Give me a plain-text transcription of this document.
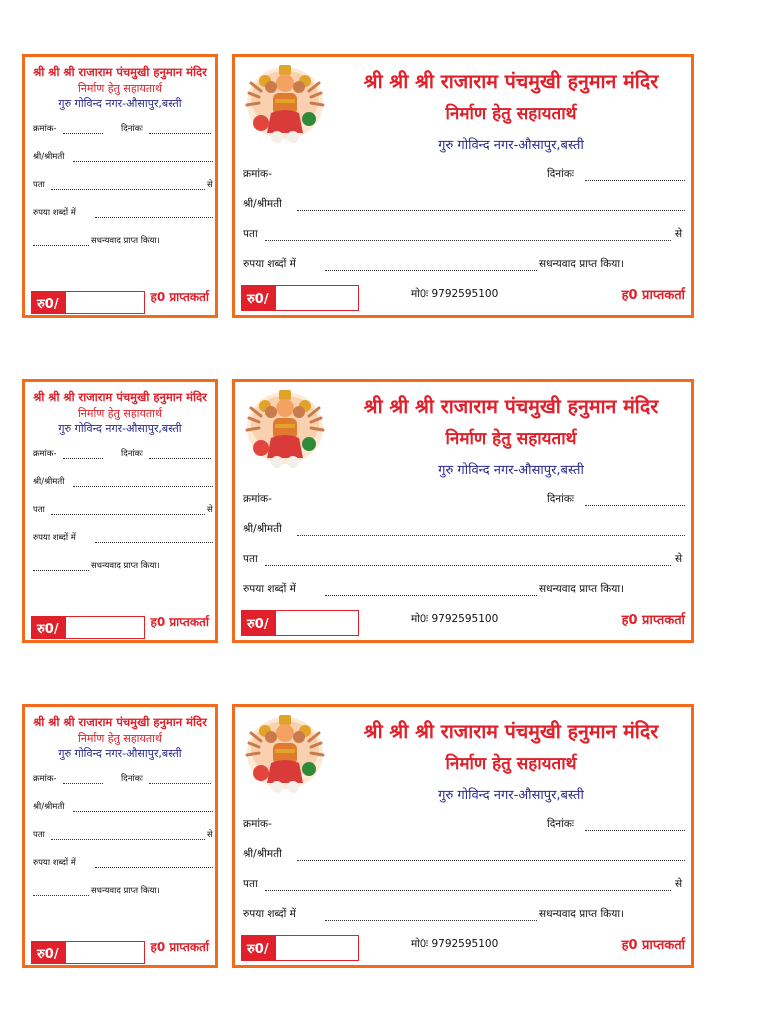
श्री श्री श्री राजाराम पंचमुखी हनुमान मंदिर
निर्माण हेतु सहायतार्थ
गुरु गोविन्द नगर-औसापुर,बस्ती
क्रमांक-	दिनांकः
श्री/श्रीमती
पता	से
रुपया शब्दों में
सधन्यवाद प्राप्त किया।
रु0/	ह0 प्राप्तकर्ता
श्री श्री श्री राजाराम पंचमुखी हनुमान मंदिर
निर्माण हेतु सहायतार्थ
गुरु गोविन्द नगर-औसापुर,बस्ती
क्रमांक-	दिनांकः
श्री/श्रीमती
पता	से
रुपया शब्दों में	सधन्यवाद प्राप्त किया।
रु0/	मो0ः 9792595100	ह0 प्राप्तकर्ता
श्री श्री श्री राजाराम पंचमुखी हनुमान मंदिर
निर्माण हेतु सहायतार्थ
गुरु गोविन्द नगर-औसापुर,बस्ती
क्रमांक-	दिनांकः
श्री/श्रीमती
पता	से
रुपया शब्दों में
सधन्यवाद प्राप्त किया।
रु0/	ह0 प्राप्तकर्ता
श्री श्री श्री राजाराम पंचमुखी हनुमान मंदिर
निर्माण हेतु सहायतार्थ
गुरु गोविन्द नगर-औसापुर,बस्ती
क्रमांक-	दिनांकः
श्री/श्रीमती
पता	से
रुपया शब्दों में	सधन्यवाद प्राप्त किया।
रु0/	मो0ः 9792595100	ह0 प्राप्तकर्ता
श्री श्री श्री राजाराम पंचमुखी हनुमान मंदिर
निर्माण हेतु सहायतार्थ
गुरु गोविन्द नगर-औसापुर,बस्ती
क्रमांक-	दिनांकः
श्री/श्रीमती
पता	से
रुपया शब्दों में
सधन्यवाद प्राप्त किया।
रु0/	ह0 प्राप्तकर्ता
श्री श्री श्री राजाराम पंचमुखी हनुमान मंदिर
निर्माण हेतु सहायतार्थ
गुरु गोविन्द नगर-औसापुर,बस्ती
क्रमांक-	दिनांकः
श्री/श्रीमती
पता	से
रुपया शब्दों में	सधन्यवाद प्राप्त किया।
रु0/	मो0ः 9792595100	ह0 प्राप्तकर्ता
